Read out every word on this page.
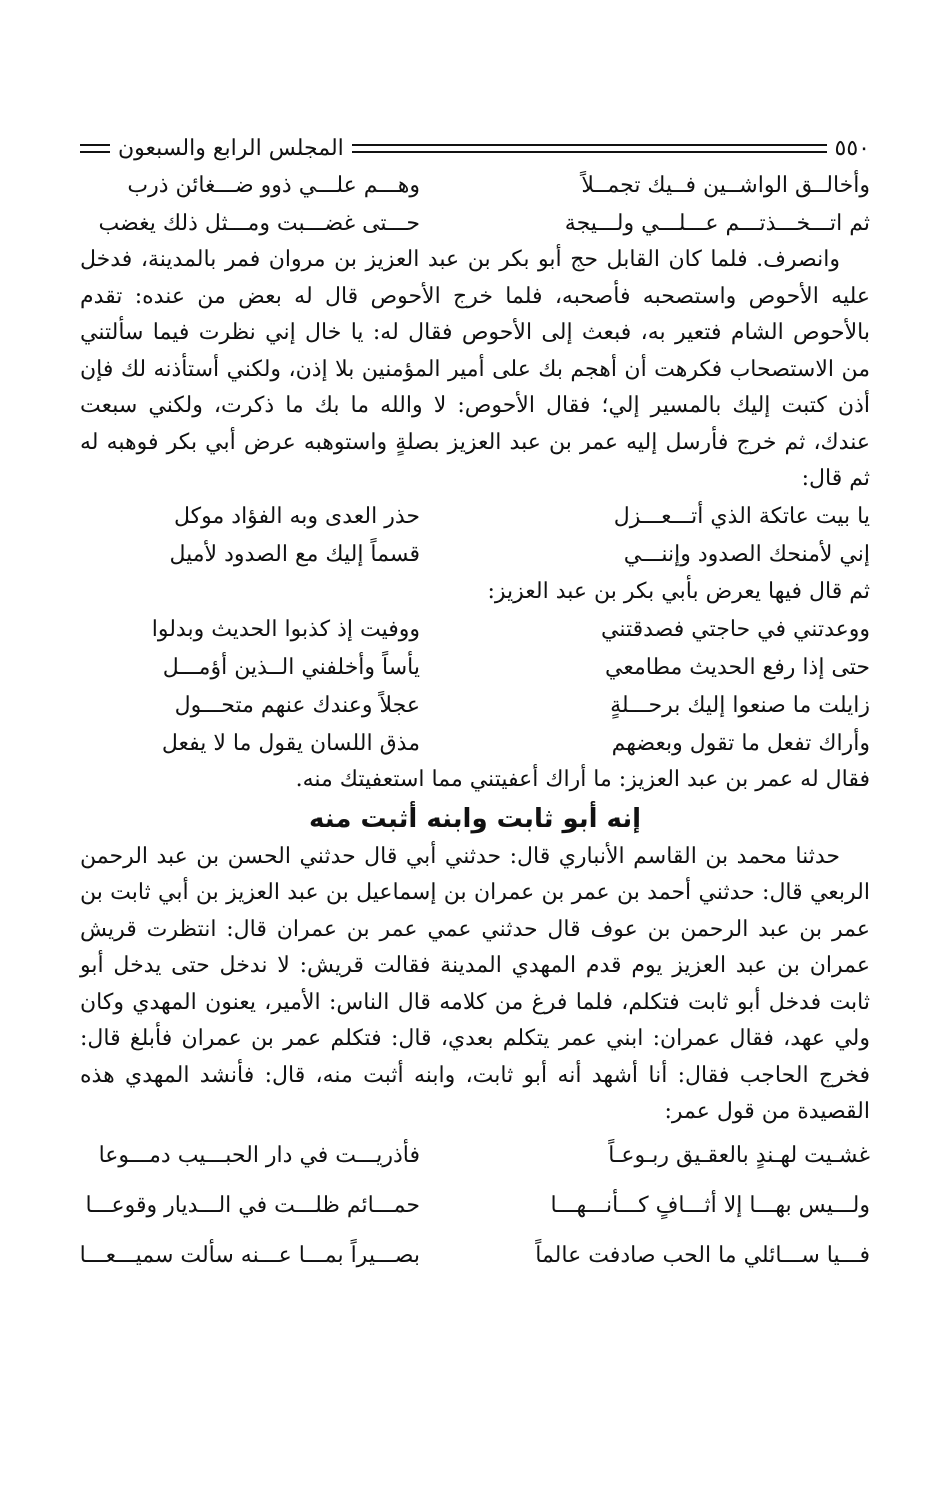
٥٥٠
المجلس الرابع والسبعون
وأخالــق الواشــين فــيك تجمــلاً
وهـــم علـــي ذوو ضـــغائن ذرب
ثم اتـــخـــذتـــم عـــلـــي ولـــيجة
حـــتى غضـــبت ومـــثل ذلك يغضب

وانصرف. فلما كان القابل حج أبو بكر بن عبد العزيز بن مروان فمر بالمدينة، فدخل عليه الأحوص واستصحبه فأصحبه، فلما خرج الأحوص قال له بعض من عنده: تقدم بالأحوص الشام فتعير به، فبعث إلى الأحوص فقال له: يا خال إني نظرت فيما سألتني من الاستصحاب فكرهت أن أهجم بك على أمير المؤمنين بلا إذن، ولكني أستأذنه لك فإن أذن كتبت إليك بالمسير إلي؛ فقال الأحوص: لا والله ما بك ما ذكرت، ولكني سبعت عندك، ثم خرج فأرسل إليه عمر بن عبد العزيز بصلةٍ واستوهبه عرض أبي بكر فوهبه له ثم قال:

يا بيت عاتكة الذي أتـــعـــزل
حذر العدى وبه الفؤاد موكل
إني لأمنحك الصدود وإننـــي
قسماً إليك مع الصدود لأميل

ثم قال فيها يعرض بأبي بكر بن عبد العزيز:

ووعدتني في حاجتي فصدقتني
ووفيت إذ كذبوا الحديث وبدلوا
حتى إذا رفع الحديث مطامعي
يأساً وأخلفني الــذين أؤمـــل
زايلت ما صنعوا إليك برحـــلةٍ
عجلاً وعندك عنهم متحـــول
وأراك تفعل ما تقول وبعضهم
مذق اللسان يقول ما لا يفعل

فقال له عمر بن عبد العزيز: ما أراك أعفيتني مما استعفيتك منه.

إنه أبو ثابت وابنه أثبت منه

حدثنا محمد بن القاسم الأنباري قال: حدثني أبي قال حدثني الحسن بن عبد الرحمن الربعي قال: حدثني أحمد بن عمر بن عمران بن إسماعيل بن عبد العزيز بن أبي ثابت بن عمر بن عبد الرحمن بن عوف قال حدثني عمي عمر بن عمران قال: انتظرت قريش عمران بن عبد العزيز يوم قدم المهدي المدينة فقالت قريش: لا ندخل حتى يدخل أبو ثابت فدخل أبو ثابت فتكلم، فلما فرغ من كلامه قال الناس: الأمير، يعنون المهدي وكان ولي عهد، فقال عمران: ابني عمر يتكلم بعدي، قال: فتكلم عمر بن عمران فأبلغ قال: فخرج الحاجب فقال: أنا أشهد أنه أبو ثابت، وابنه أثبت منه، قال: فأنشد المهدي هذه القصيدة من قول عمر:

غشـيت لهـندٍ بالعقـيق ربـوعـاً
فأذريـــت في دار الحبـــيب دمـــوعا
ولـــيس بهـــا إلا أثـــافٍ كـــأنـــهـــا
حمـــائم ظلـــت في الـــديار وقوعـــا
فـــيا ســـائلي ما الحب صادفت عالماً
بصـــيراً بمـــا عـــنه سألت سميـــعـــا
